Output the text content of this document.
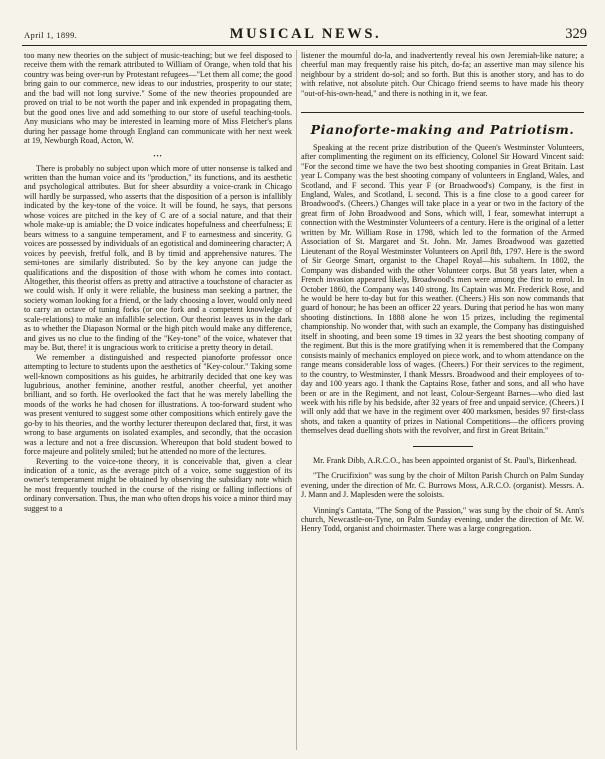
April 1, 1899.	MUSICAL NEWS.	329

too many new theories on the subject of music-teaching; but we feel disposed to receive them with the remark attributed to William of Orange, when told that his country was being over-run by Protestant refugees—"Let them all come; the good bring gain to our commerce, new ideas to our industries, prosperity to our state; and the bad will not long survive." Some of the new theories propounded are proved on trial to be not worth the paper and ink expended in propagating them, but the good ones live and add something to our store of useful teaching-tools. Any musicians who may be interested in learning more of Miss Fletcher's plans during her passage home through England can communicate with her next week at 19, Newburgh Road, Acton, W.

•••

There is probably no subject upon which more of utter nonsense is talked and written than the human voice and its "production," its functions, and its aesthetic and psychological attributes. But for sheer absurdity a voice-crank in Chicago will hardly be surpassed, who asserts that the disposition of a person is infallibly indicated by the key-tone of the voice. It will be found, he says, that persons whose voices are pitched in the key of C are of a social nature, and that their whole make-up is amiable; the D voice indicates hopefulness and cheerfulness; E bears witness to a sanguine temperament, and F to earnestness and sincerity. G voices are possessed by individuals of an egotistical and domineering character; A voices by peevish, fretful folk, and B by timid and apprehensive natures. The semi-tones are similarly distributed. So by the key anyone can judge the qualifications and the disposition of those with whom he comes into contact. Altogether, this theorist offers as pretty and attractive a touchstone of character as we could wish. If only it were reliable, the business man seeking a partner, the society woman looking for a friend, or the lady choosing a lover, would only need to carry an octave of tuning forks (or one fork and a competent knowledge of scale-relations) to make an infallible selection. Our theorist leaves us in the dark as to whether the Diapason Normal or the high pitch would make any difference, and gives us no clue to the finding of the "Key-tone" of the voice, whatever that may be. But, there! it is ungracious work to criticise a pretty theory in detail.

We remember a distinguished and respected pianoforte professor once attempting to lecture to students upon the aesthetics of "Key-colour." Taking some well-known compositions as his guides, he arbitrarily decided that one key was lugubrious, another feminine, another restful, another cheerful, yet another brilliant, and so forth. He overlooked the fact that he was merely labelling the moods of the works he had chosen for illustrations. A too-forward student who was present ventured to suggest some other compositions which entirely gave the go-by to his theories, and the worthy lecturer thereupon declared that, first, it was wrong to base arguments on isolated examples, and secondly, that the occasion was a lecture and not a free discussion. Whereupon that bold student bowed to force majeure and politely smiled; but he attended no more of the lectures.

Reverting to the voice-tone theory, it is conceivable that, given a clear indication of a tonic, as the average pitch of a voice, some suggestion of its owner's temperament might be obtained by observing the subsidiary note which he most frequently touched in the course of the rising or falling inflections of ordinary conversation. Thus, the man who often drops his voice a minor third may suggest to a

listener the mournful do-la, and inadvertently reveal his own Jeremiah-like nature; a cheerful man may frequently raise his pitch, do-fa; an assertive man may silence his neighbour by a strident do-sol; and so forth. But this is another story, and has to do with relative, not absolute pitch. Our Chicago friend seems to have made his theory "out-of-his-own-head," and there is nothing in it, we fear.

Pianoforte-making and Patriotism.

Speaking at the recent prize distribution of the Queen's Westminster Volunteers, after complimenting the regiment on its efficiency, Colonel Sir Howard Vincent said: "For the second time we have the two best shooting companies in Great Britain. Last year L Company was the best shooting company of volunteers in England, Wales, and Scotland, and F second. This year F (or Broadwood's) Company, is the first in England, Wales, and Scotland, L second. This is a fine close to a good career for Broadwood's. (Cheers.) Changes will take place in a year or two in the factory of the great firm of John Broadwood and Sons, which will, I fear, somewhat interrupt a connection with the Westminster Volunteers of a century. Here is the original of a letter written by Mr. William Rose in 1798, which led to the formation of the Armed Association of St. Margaret and St. John. Mr. James Broadwood was gazetted Lieutenant of the Royal Westminster Volunteers on April 8th, 1797. Here is the sword of Sir George Smart, organist to the Chapel Royal—his subaltern. In 1802, the Company was disbanded with the other Volunteer corps. But 58 years later, when a French invasion appeared likely, Broadwood's men were among the first to enrol. In October 1860, the Company was 140 strong. Its Captain was Mr. Frederick Rose, and he would be here to-day but for this weather. (Cheers.) His son now commands that guard of honour; he has been an officer 22 years. During that period he has won many shooting distinctions. In 1888 alone he won 15 prizes, including the regimental championship. No wonder that, with such an example, the Company has distinguished itself in shooting, and been some 19 times in 32 years the best shooting company of the regiment. But this is the more gratifying when it is remembered that the Company consists mainly of mechanics employed on piece work, and to whom attendance on the range means considerable loss of wages. (Cheers.) For their services to the regiment, to the country, to Westminster, I thank Messrs. Broadwood and their employees of to-day and 100 years ago. I thank the Captains Rose, father and sons, and all who have been or are in the Regiment, and not least, Colour-Sergeant Barnes—who died last week with his rifle by his bedside, after 32 years of free and unpaid service. (Cheers.) I will only add that we have in the regiment over 400 marksmen, besides 97 first-class shots, and taken a quantity of prizes in National Competitions—the officers proving themselves dead duelling shots with the revolver, and first in Great Britain."

Mr. Frank Dibb, A.R.C.O., has been appointed organist of St. Paul's, Birkenhead.

"The Crucifixion" was sung by the choir of Milton Parish Church on Palm Sunday evening, under the direction of Mr. C. Burrows Moss, A.R.C.O. (organist). Messrs. A. J. Mann and J. Maplesden were the soloists.

Vinning's Cantata, "The Song of the Passion," was sung by the choir of St. Ann's church, Newcastle-on-Tyne, on Palm Sunday evening, under the direction of Mr. W. Henry Todd, organist and choirmaster. There was a large congregation.
